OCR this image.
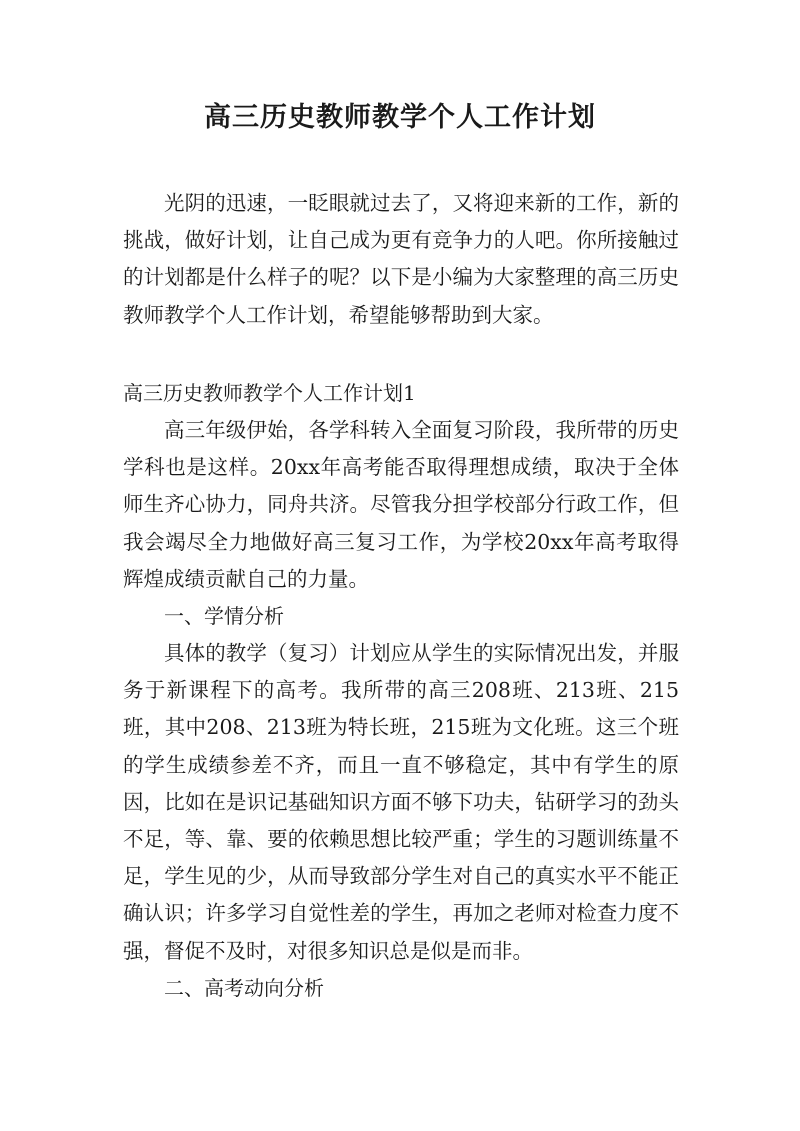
高三历史教师教学个人工作计划

光阴的迅速，一眨眼就过去了，又将迎来新的工作，新的挑战，做好计划，让自己成为更有竞争力的人吧。你所接触过的计划都是什么样子的呢？以下是小编为大家整理的高三历史教师教学个人工作计划，希望能够帮助到大家。

高三历史教师教学个人工作计划1

高三年级伊始，各学科转入全面复习阶段，我所带的历史学科也是这样。20xx年高考能否取得理想成绩，取决于全体师生齐心协力，同舟共济。尽管我分担学校部分行政工作，但我会竭尽全力地做好高三复习工作，为学校20xx年高考取得辉煌成绩贡献自己的力量。

一、学情分析

具体的教学（复习）计划应从学生的实际情况出发，并服务于新课程下的高考。我所带的高三208班、213班、215班，其中208、213班为特长班，215班为文化班。这三个班的学生成绩参差不齐，而且一直不够稳定，其中有学生的原因，比如在是识记基础知识方面不够下功夫，钻研学习的劲头不足，等、靠、要的依赖思想比较严重；学生的习题训练量不足，学生见的少，从而导致部分学生对自己的真实水平不能正确认识；许多学习自觉性差的学生，再加之老师对检查力度不强，督促不及时，对很多知识总是似是而非。

二、高考动向分析
